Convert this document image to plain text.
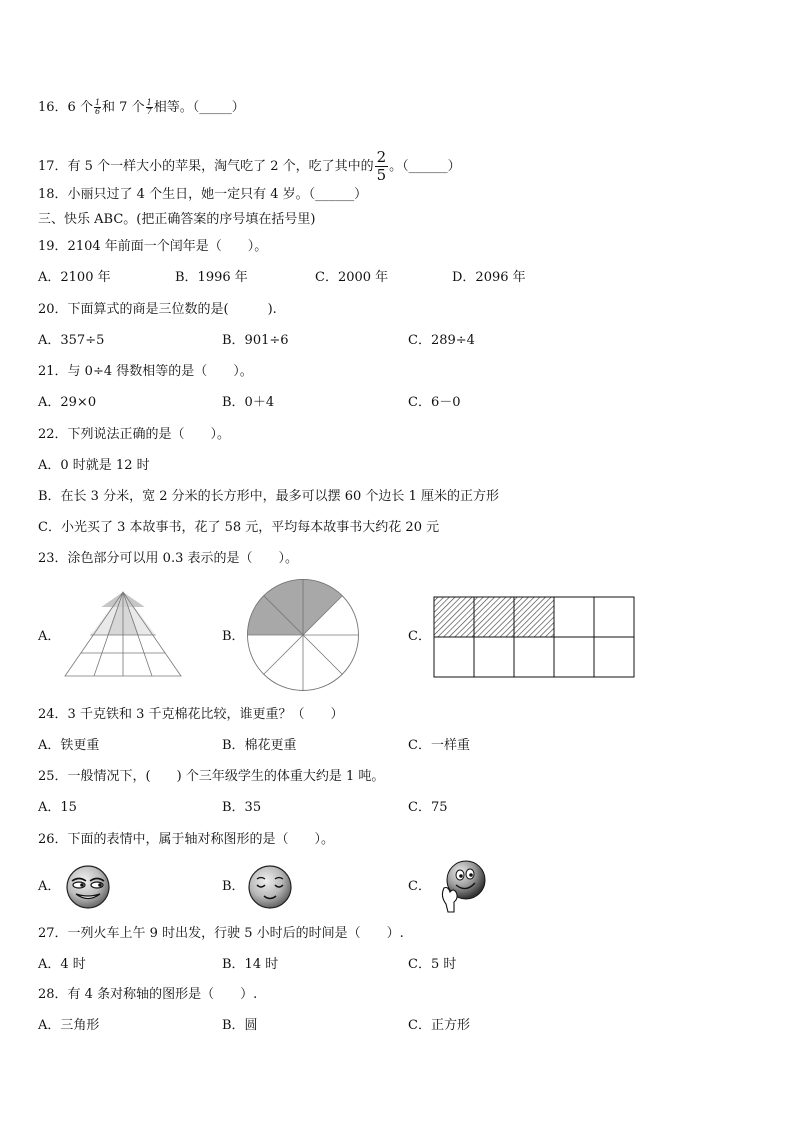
16．6 个 $\frac{1}{6}$ 和 7 个 $\frac{1}{7}$ 相等。（_____）
17．有 5 个一样大小的苹果，淘气吃了 2 个，吃了其中的 $\frac{2}{5}$ 。（______）
18．小丽只过了 4 个生日，她一定只有 4 岁。（______）
三、快乐 ABC。(把正确答案的序号填在括号里)
19．2104 年前面一个闰年是（　　）。
A．2100 年	B．1996 年	C．2000 年	D．2096 年
20．下面算式的商是三位数的是(　　　).
A．357÷5	B．901÷6	C．289÷4
21．与 0÷4 得数相等的是（　　）。
A．29×0	B．0＋4	C．6－0
22．下列说法正确的是（　　）。
A．0 时就是 12 时
B．在长 3 分米，宽 2 分米的长方形中，最多可以摆 60 个边长 1 厘米的正方形
C．小光买了 3 本故事书，花了 58 元，平均每本故事书大约花 20 元
23．涂色部分可以用 0.3 表示的是（　　）。
A．	B．	C．
24．3 千克铁和 3 千克棉花比较，谁更重？（　　）
A．铁更重	B．棉花更重	C．一样重
25．一般情况下，(　　) 个三年级学生的体重大约是 1 吨。
A．15	B．35	C．75
26．下面的表情中，属于轴对称图形的是（　　）。
A．	B．	C．
27．一列火车上午 9 时出发，行驶 5 小时后的时间是（　　）.
A．4 时	B．14 时	C．5 时
28．有 4 条对称轴的图形是（　　）.
A．三角形	B．圆	C．正方形
